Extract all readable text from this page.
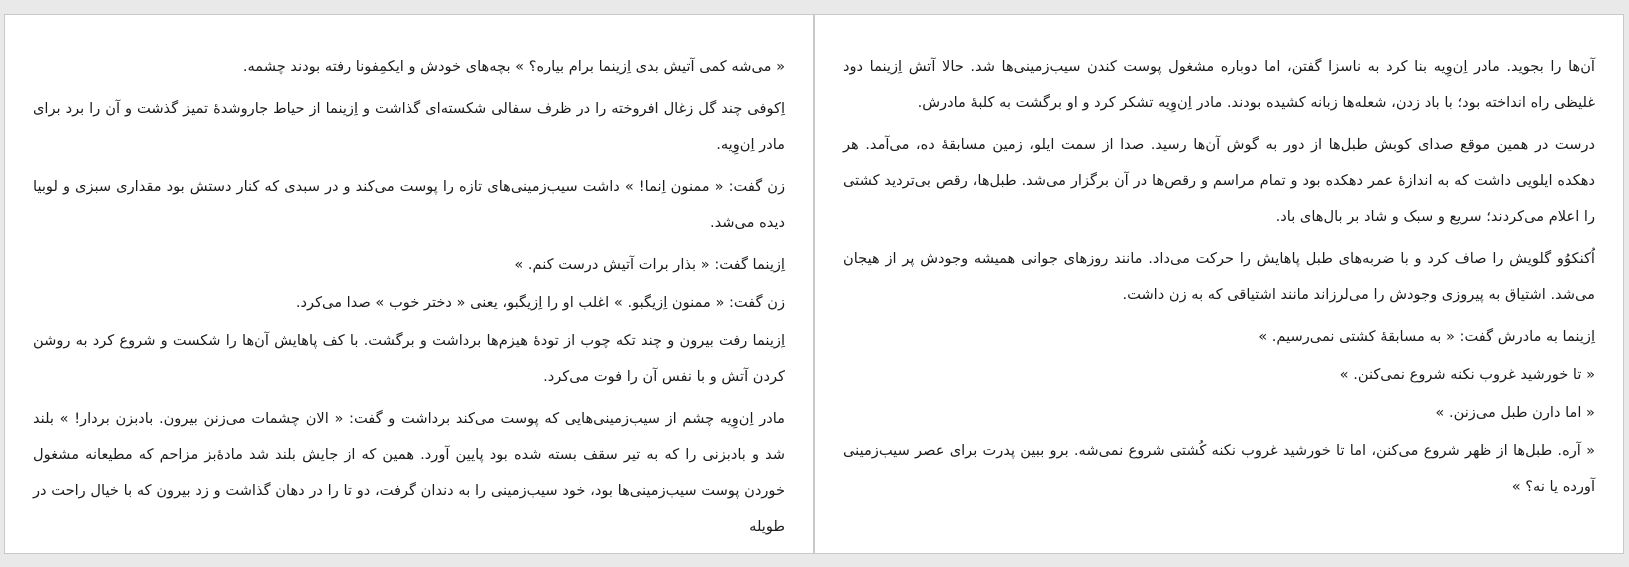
« می‌شه کمی آتیش بدی اِزینما برام بیاره؟ » بچه‌های خودش و ایکمِفونا رفته بودند چشمه.

اِکوفی چند گل زغال افروخته را در ظرف سفالی شکسته‌ای گذاشت و اِزینما از حیاط جاروشدهٔ تمیز گذشت و آن را برد برای مادر اِن‌وِیه.

زن گفت: « ممنون اِنما! » داشت سیب‌زمینی‌های تازه را پوست می‌کند و در سبدی که کنار دستش بود مقداری سبزی و لوبیا دیده می‌شد.

اِزینما گفت: « بذار برات آتیش درست کنم. »

زن گفت: « ممنون اِزیگبو. » اغلب او را اِزیگبو، یعنی « دختر خوب » صدا می‌کرد.

اِزینما رفت بیرون و چند تکه چوب از تودهٔ هیزم‌ها برداشت و برگشت. با کف پاهایش آن‌ها را شکست و شروع کرد به روشن کردن آتش و با نفس آن را فوت می‌کرد.

مادر اِن‌وِیه چشم از سیب‌زمینی‌هایی که پوست می‌کند برداشت و گفت: « الان چشمات می‌زنن بیرون. بادبزن بردار! » بلند شد و بادبزنی را که به تیر سقف بسته شده بود پایین آورد. همین که از جایش بلند شد مادهٔ‌بز مزاحم که مطیعانه مشغول خوردن پوست سیب‌زمینی‌ها بود، خود سیب‌زمینی را به دندان گرفت، دو تا را در دهان گذاشت و زد بیرون که با خیال راحت در طویله

آن‌ها را بجوید. مادر اِن‌وِیه بنا کرد به ناسزا گفتن، اما دوباره مشغول پوست کندن سیب‌زمینی‌ها شد. حالا آتش اِزینما دود غلیظی راه انداخته بود؛ با باد زدن، شعله‌ها زبانه کشیده بودند. مادر اِن‌وِیه تشکر کرد و او برگشت به کلبهٔ مادرش.

درست در همین موقع صدای کوبش طبل‌ها از دور به گوش آن‌ها رسید. صدا از سمت ایلو، زمین مسابقهٔ ده، می‌آمد. هر دهکده ایلویی داشت که به اندازهٔ عمر دهکده بود و تمام مراسم و رقص‌ها در آن برگزار می‌شد. طبل‌ها، رقص بی‌تردید کشتی را اعلام می‌کردند؛ سریع و سبک و شاد بر بال‌های باد.

اُکنکوُو گلویش را صاف کرد و با ضربه‌های طبل پاهایش را حرکت می‌داد. مانند روزهای جوانی همیشه وجودش پر از هیجان می‌شد. اشتیاق به پیروزی وجودش را می‌لرزاند مانند اشتیاقی که به زن داشت.

اِزینما به مادرش گفت: « به مسابقهٔ کشتی نمی‌رسیم. »

« تا خورشید غروب نکنه شروع نمی‌کنن. »

« اما دارن طبل می‌زنن. »

« آره. طبل‌ها از ظهر شروع می‌کنن، اما تا خورشید غروب نکنه کُشتی شروع نمی‌شه. برو ببین پدرت برای عصر سیب‌زمینی آورده یا نه؟ »
